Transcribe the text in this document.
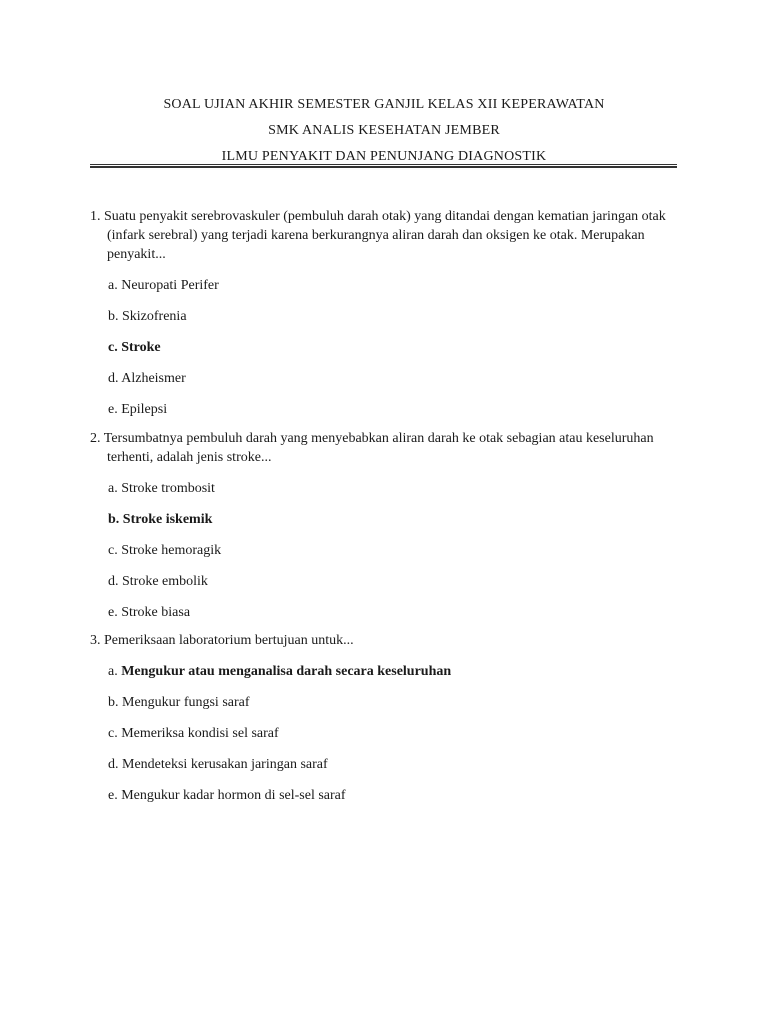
SOAL UJIAN AKHIR SEMESTER GANJIL KELAS XII KEPERAWATAN
SMK ANALIS KESEHATAN JEMBER
ILMU PENYAKIT DAN PENUNJANG DIAGNOSTIK

1. Suatu penyakit serebrovaskuler (pembuluh darah otak) yang ditandai dengan kematian jaringan otak (infark serebral) yang terjadi karena berkurangnya aliran darah dan oksigen ke otak. Merupakan penyakit...

a. Neuropati Perifer
b. Skizofrenia
c. Stroke
d. Alzheismer
e. Epilepsi

2. Tersumbatnya pembuluh darah yang menyebabkan aliran darah ke otak sebagian atau keseluruhan terhenti, adalah jenis stroke...

a. Stroke trombosit
b. Stroke iskemik
c. Stroke hemoragik
d. Stroke embolik
e. Stroke biasa

3. Pemeriksaan laboratorium bertujuan untuk...

a. Mengukur atau menganalisa darah secara keseluruhan
b. Mengukur fungsi saraf
c. Memeriksa kondisi sel saraf
d. Mendeteksi kerusakan jaringan saraf
e. Mengukur kadar hormon di sel-sel saraf
